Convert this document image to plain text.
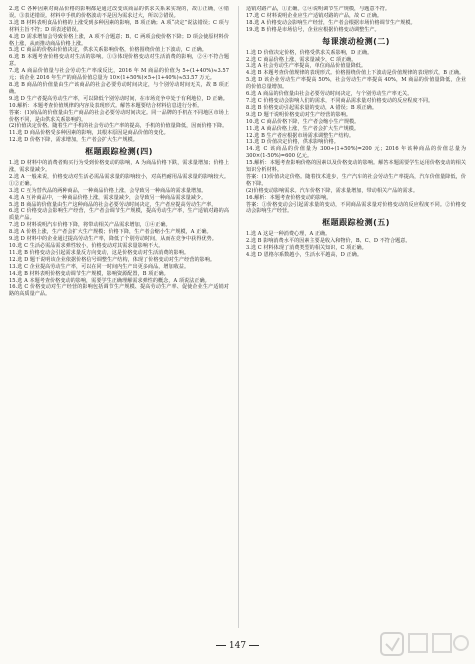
2.选 C 各种因素对商品价格的影响都是通过改变该商品的供求关系来实现的，故①正确，④错误。③表述错误。材料中手机的价格波动不是因为需求过大，所以②错误。

3.选 B 材料表明食品价格的上涨受到多种因素的影响，B 项正确；A 项“决定”说法错误；C 项与材料主旨不符；D 项表述错误。

4.选 D 需求增加会导致价格上涨，A 项不合题意；B、C 两项会使价格下降；D 项会使原材料价格上涨，从而推动商品价格上涨。

5.选 C 商品的价格由价值决定，供求关系影响价格，价格围绕价值上下波动，C 正确。

6.选 B 本题考查价格变动对生活的影响。①③体现价格变动对生活消费的影响，②④不符合题意。

7.选 A 商品价值量与社会劳动生产率成反比，2016 年 M 商品的价值为 5÷(1+40%)≈3.57 元；该企业 2016 年生产的商品价值总量为 10×(1+50%)×5÷(1+40%)≈53.57 万元。

8.选 B 商品的价值量由生产该商品的社会必要劳动时间决定，与个别劳动时间无关，故 B 项正确。

9.选 D 生产者提高劳动生产率，可以降低个别劳动时间，在市场竞争中处于有利地位，D 正确。

10.解析：本题考查价值规律的内容及表现形式。解答本题要结合材料信息进行分析。

答案：(1)商品的价值量由生产商品的社会必要劳动时间决定。同一品牌的手机在不同地区市场上价格不同，是由供求关系影响的。

(2)价值决定价格。随着生产手机的社会劳动生产率的提高，手机的价值量降低，因而价格下降。

11.选 D 商品价格受多种因素的影响，其根本原因是商品价值的变化。

12.选 D 价格下降，需求增加，生产者会扩大生产规模。

框题跟踪检测(四)

1.选 D 材料中的消费者购买行为受到价格变动的影响，A 为商品价格下跌，需求量增加；价格上涨，需求量减少。

2.选 A 一般来说，价格变动对生活必需品需求量的影响较小，对高档耐用品需求量的影响较大。①②正确。

3.选 C 互为替代品的两种商品，一种商品价格上涨，会导致另一种商品的需求量增加。

4.选 A 互补商品中，一种商品价格上涨，需求量减少，会导致另一种商品需求量减少。

5.选 B 商品的价值量由生产这种商品的社会必要劳动时间决定，生产者应提高劳动生产率。

6.选 C 价格变动会影响生产经营，生产者会调节生产规模，提高劳动生产率，生产适销对路的高质量产品。

7.选 D 材料说明汽车价格下降，将带动相关产品需求增加，①④正确。

8.选 A 价格上涨，生产者会扩大生产规模；价格下降，生产者会缩小生产规模，A 正确。

9.选 D 材料中的企业通过提高劳动生产率，降低了个别劳动时间，从而在竞争中获得优势。

10.选 C 生活必需品需求弹性较小，价格变动对其需求量影响不大。

11.选 B 价格变动会引起需求量反方向变动，这是价格变动对生活消费的影响。

12.选 D 题干说明该企业依据价格信号调整生产结构，体现了价格变动对生产经营的影响。

13.选 C 企业提高劳动生产率，可以在同一时间内生产出更多商品，增加收益。

14.选 B 材料表明价格变动调节生产规模，影响资源配置，B 项正确。

15.选 A 本题考查价格变动的影响，需要学生正确理解需求弹性的概念，A 项说法正确。

16.选 C 价格变动对生产经营的影响包括调节生产规模、提高劳动生产率、促使企业生产适销对路的高质量产品。

适销对路产品，①正确。②④说明调节生产规模，与题意不符。

17.选 C 材料说明企业应生产适销对路的产品，故 C 正确。

18.选 A 价格变动会影响生产经营，生产者会根据市场价格调节生产规模。

19.选 B 价格是市场信号，企业应根据价格变动调整生产。

每课滚动检测(二)

1.选 D 价值决定价格，价格受供求关系影响，D 正确。

2.选 C 商品价格上涨，需求量减少，C 项正确。

3.选 A 社会劳动生产率提高，单位商品价值量降低。

4.选 B 本题考查价值规律的表现形式。价格围绕价值上下波动是价值规律的表现形式，B 正确。

5.选 D 该企业劳动生产率提高 50%，社会劳动生产率提高 40%，M 商品的价值量降低，企业的价值总量增加。

6.选 A 商品的价值量由社会必要劳动时间决定，与个别劳动生产率无关。

7.选 C 价格变动会影响人们的需求，不同商品需求量对价格变动的反应程度不同。

8.选 B 价格变动引起需求量的变动，A 错误；B 项正确。

9.选 D 题干说明价格变动对生产经营的影响。

10.选 C 商品价格下降，生产者会缩小生产规模。

11.选 A 商品价格上涨，生产者会扩大生产规模。

12.选 B 生产者应根据市场需求调整生产结构。

13.选 D 价值决定价格，供求影响价格。

14.选 C 该商品的价值量为 300÷(1+50%)=200 元；2016 年该种商品的价值总量为 300×(1-50%)=600 亿元。

15.解析：本题考查影响价格的因素以及价格变动的影响。解答本题需要学生运用价格变动的相关知识分析材料。

答案：(1)价值决定价格。随着技术进步，生产汽车的社会劳动生产率提高，汽车价值量降低，价格下降。

(2)价格变动影响需求。汽车价格下降，需求量增加，带动相关产品的需求。

16.解析：本题考查价格变动的影响。

答案：①价格变动会引起需求量的变动，不同商品需求量对价格变动的反应程度不同。②价格变动会影响生产经营。

框题跟踪检测(五)

1.选 A 这是一种消费心理，A 正确。

2.选 B 影响消费水平的因素主要是收入和物价，B、C、D 不符合题意。

3.选 C 材料体现了消费类型的相关知识，C 项正确。

4.选 D 恩格尔系数越小，生活水平越高，D 正确。

147
